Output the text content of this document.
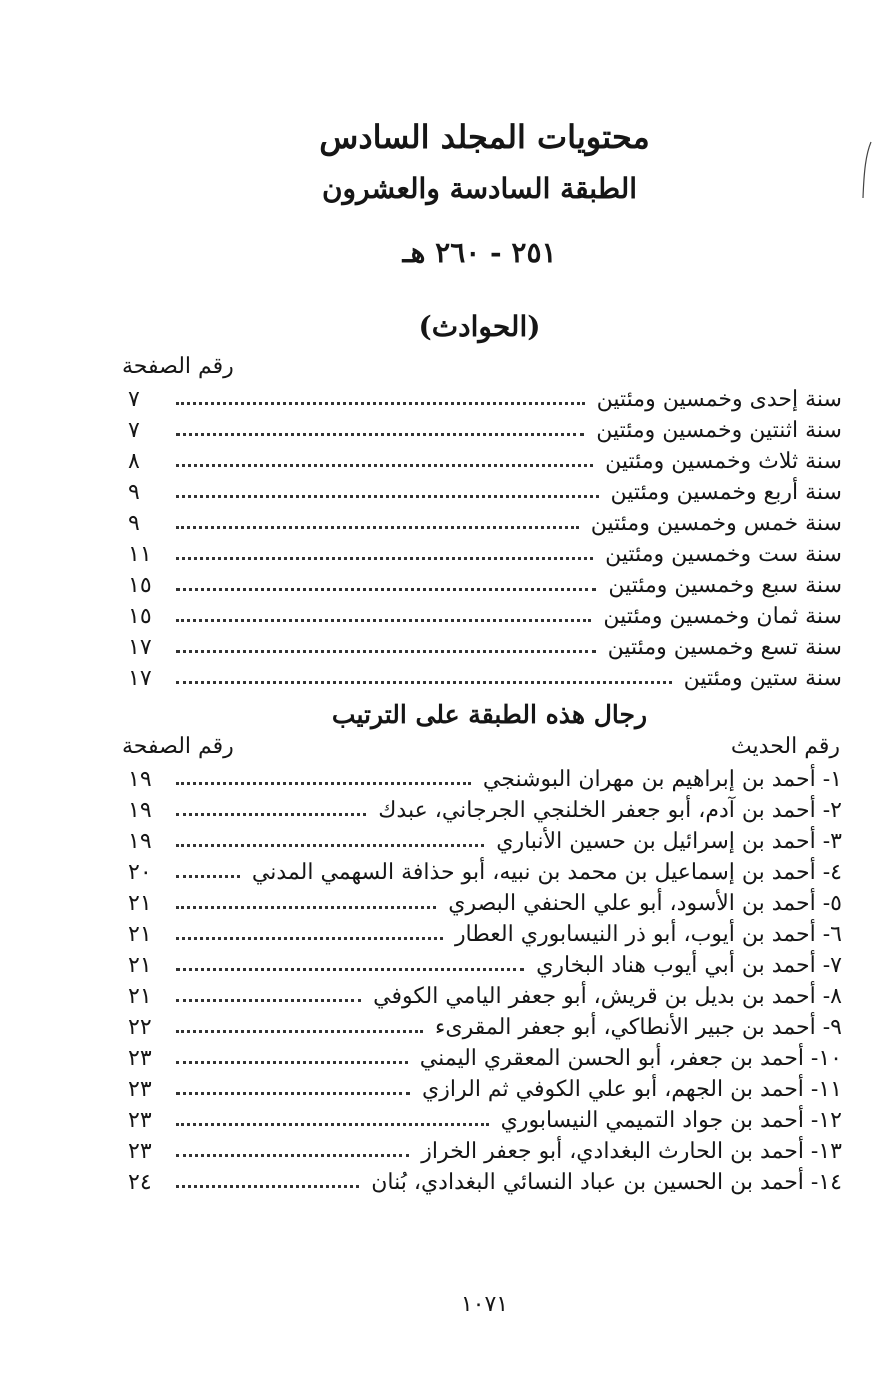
محتويات المجلد السادس
الطبقة السادسة والعشرون
٢٥١ - ٢٦٠ هـ
(الحوادث)
رقم الصفحة
سنة إحدى وخمسين ومئتين
٧
سنة اثنتين وخمسين ومئتين
٧
سنة ثلاث وخمسين ومئتين
٨
سنة أربع وخمسين ومئتين
٩
سنة خمس وخمسين ومئتين
٩
سنة ست وخمسين ومئتين
١١
سنة سبع وخمسين ومئتين
١٥
سنة ثمان وخمسين ومئتين
١٥
سنة تسع وخمسين ومئتين
١٧
سنة ستين ومئتين
١٧
رجال هذه الطبقة على الترتيب
رقم الحديث
رقم الصفحة
١- أحمد بن إبراهيم بن مهران البوشنجي
١٩
٢- أحمد بن آدم، أبو جعفر الخلنجي الجرجاني، عبدك
١٩
٣- أحمد بن إسرائيل بن حسين الأنباري
١٩
٤- أحمد بن إسماعيل بن محمد بن نبيه، أبو حذافة السهمي المدني
٢٠
٥- أحمد بن الأسود، أبو علي الحنفي البصري
٢١
٦- أحمد بن أيوب، أبو ذر النيسابوري العطار
٢١
٧- أحمد بن أبي أيوب هناد البخاري
٢١
٨- أحمد بن بديل بن قريش، أبو جعفر اليامي الكوفي
٢١
٩- أحمد بن جبير الأنطاكي، أبو جعفر المقرىء
٢٢
١٠- أحمد بن جعفر، أبو الحسن المعقري اليمني
٢٣
١١- أحمد بن الجهم، أبو علي الكوفي ثم الرازي
٢٣
١٢- أحمد بن جواد التميمي النيسابوري
٢٣
١٣- أحمد بن الحارث البغدادي، أبو جعفر الخراز
٢٣
١٤- أحمد بن الحسين بن عباد النسائي البغدادي، بُنان
٢٤
١٠٧١
